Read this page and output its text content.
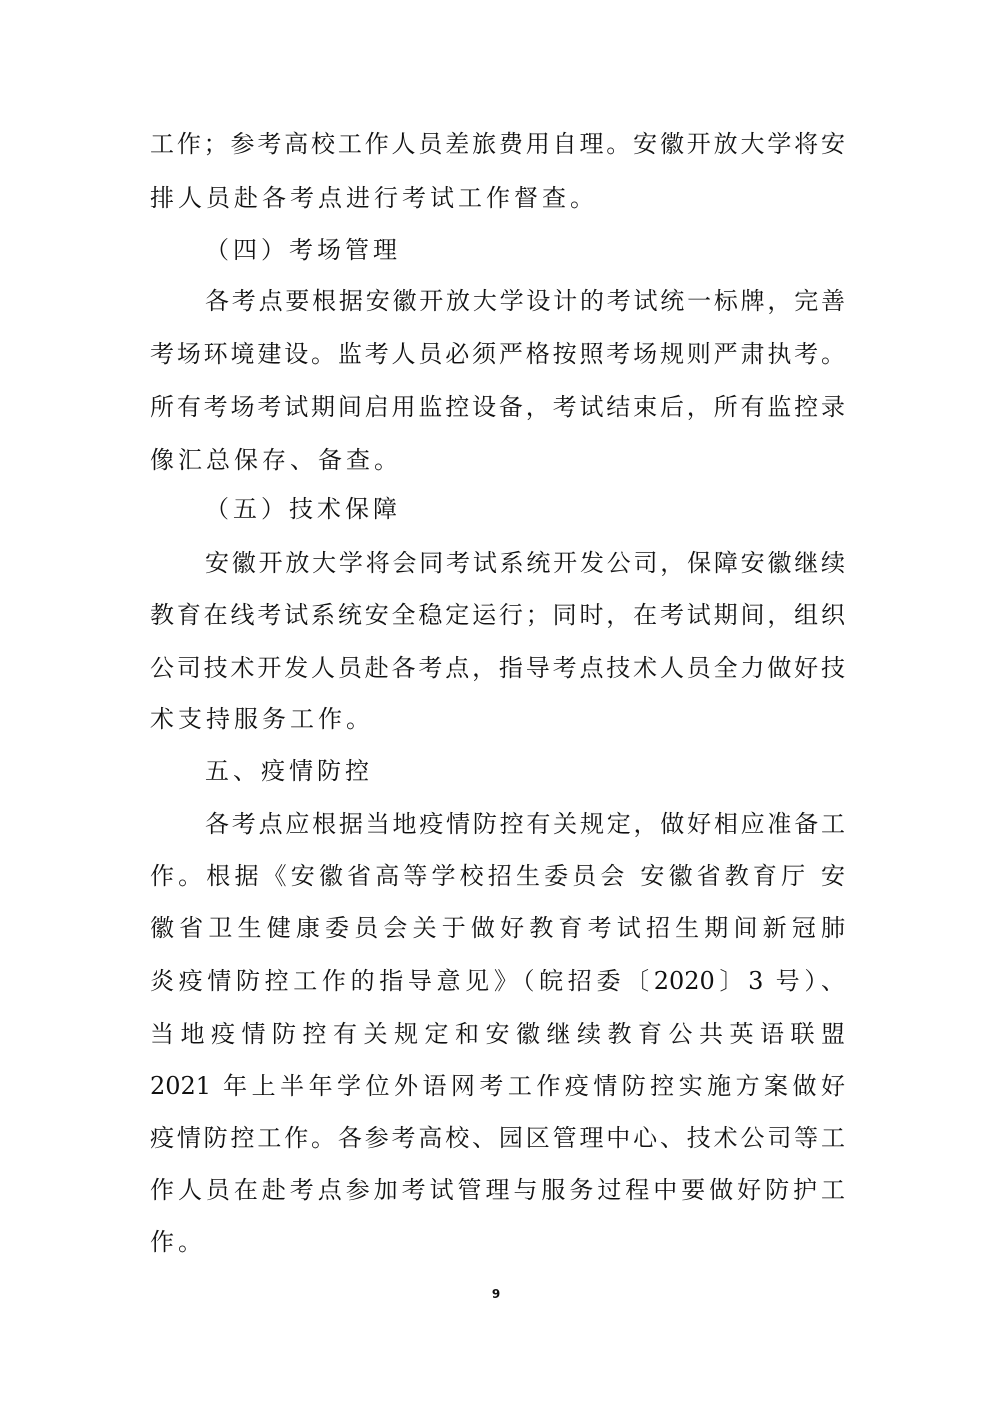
工作；参考高校工作人员差旅费用自理。安徽开放大学将安
排人员赴各考点进行考试工作督查。
（四）考场管理
各考点要根据安徽开放大学设计的考试统一标牌，完善
考场环境建设。监考人员必须严格按照考场规则严肃执考。
所有考场考试期间启用监控设备，考试结束后，所有监控录
像汇总保存、备查。
（五）技术保障
安徽开放大学将会同考试系统开发公司，保障安徽继续
教育在线考试系统安全稳定运行；同时，在考试期间，组织
公司技术开发人员赴各考点，指导考点技术人员全力做好技
术支持服务工作。
五、疫情防控
各考点应根据当地疫情防控有关规定，做好相应准备工
作。根据《安徽省高等学校招生委员会 安徽省教育厅 安
徽省卫生健康委员会关于做好教育考试招生期间新冠肺
炎疫情防控工作的指导意见》（皖招委〔2020〕3 号）、
当地疫情防控有关规定和安徽继续教育公共英语联盟
2021 年上半年学位外语网考工作疫情防控实施方案做好
疫情防控工作。各参考高校、园区管理中心、技术公司等工
作人员在赴考点参加考试管理与服务过程中要做好防护工
作。
9
